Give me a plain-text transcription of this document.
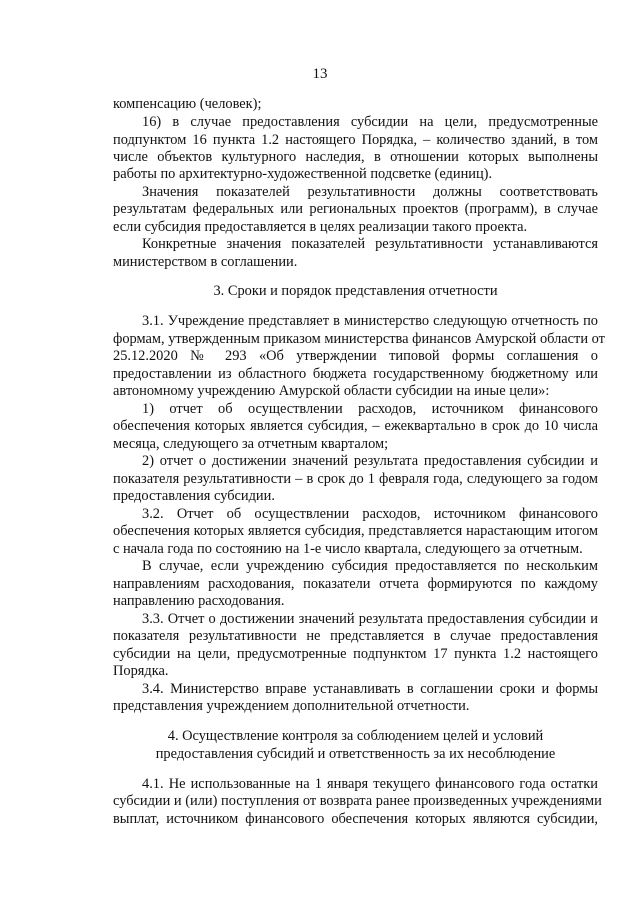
13
компенсацию (человек);
16) в случае предоставления субсидии на цели, предусмотренные
подпунктом 16 пункта 1.2 настоящего Порядка, – количество зданий, в том
числе объектов культурного наследия, в отношении которых выполнены
работы по архитектурно-художественной подсветке (единиц).
Значения показателей результативности должны соответствовать
результатам федеральных или региональных проектов (программ), в случае
если субсидия предоставляется в целях реализации такого проекта.
Конкретные значения показателей результативности устанавливаются
министерством в соглашении.
3. Сроки и порядок представления отчетности
3.1. Учреждение представляет в министерство следующую отчетность по
формам, утвержденным приказом министерства финансов Амурской области от
25.12.2020 № 293 «Об утверждении типовой формы соглашения о
предоставлении из областного бюджета государственному бюджетному или
автономному учреждению Амурской области субсидии на иные цели»:
1) отчет об осуществлении расходов, источником финансового
обеспечения которых является субсидия, – ежеквартально в срок до 10 числа
месяца, следующего за отчетным кварталом;
2) отчет о достижении значений результата предоставления субсидии и
показателя результативности – в срок до 1 февраля года, следующего за годом
предоставления субсидии.
3.2. Отчет об осуществлении расходов, источником финансового
обеспечения которых является субсидия, представляется нарастающим итогом
с начала года по состоянию на 1-е число квартала, следующего за отчетным.
В случае, если учреждению субсидия предоставляется по нескольким
направлениям расходования, показатели отчета формируются по каждому
направлению расходования.
3.3. Отчет о достижении значений результата предоставления субсидии и
показателя результативности не представляется в случае предоставления
субсидии на цели, предусмотренные подпунктом 17 пункта 1.2 настоящего
Порядка.
3.4. Министерство вправе устанавливать в соглашении сроки и формы
представления учреждением дополнительной отчетности.
4. Осуществление контроля за соблюдением целей и условий
предоставления субсидий и ответственность за их несоблюдение
4.1. Не использованные на 1 января текущего финансового года остатки
субсидии и (или) поступления от возврата ранее произведенных учреждениями
выплат, источником финансового обеспечения которых являются субсидии,
